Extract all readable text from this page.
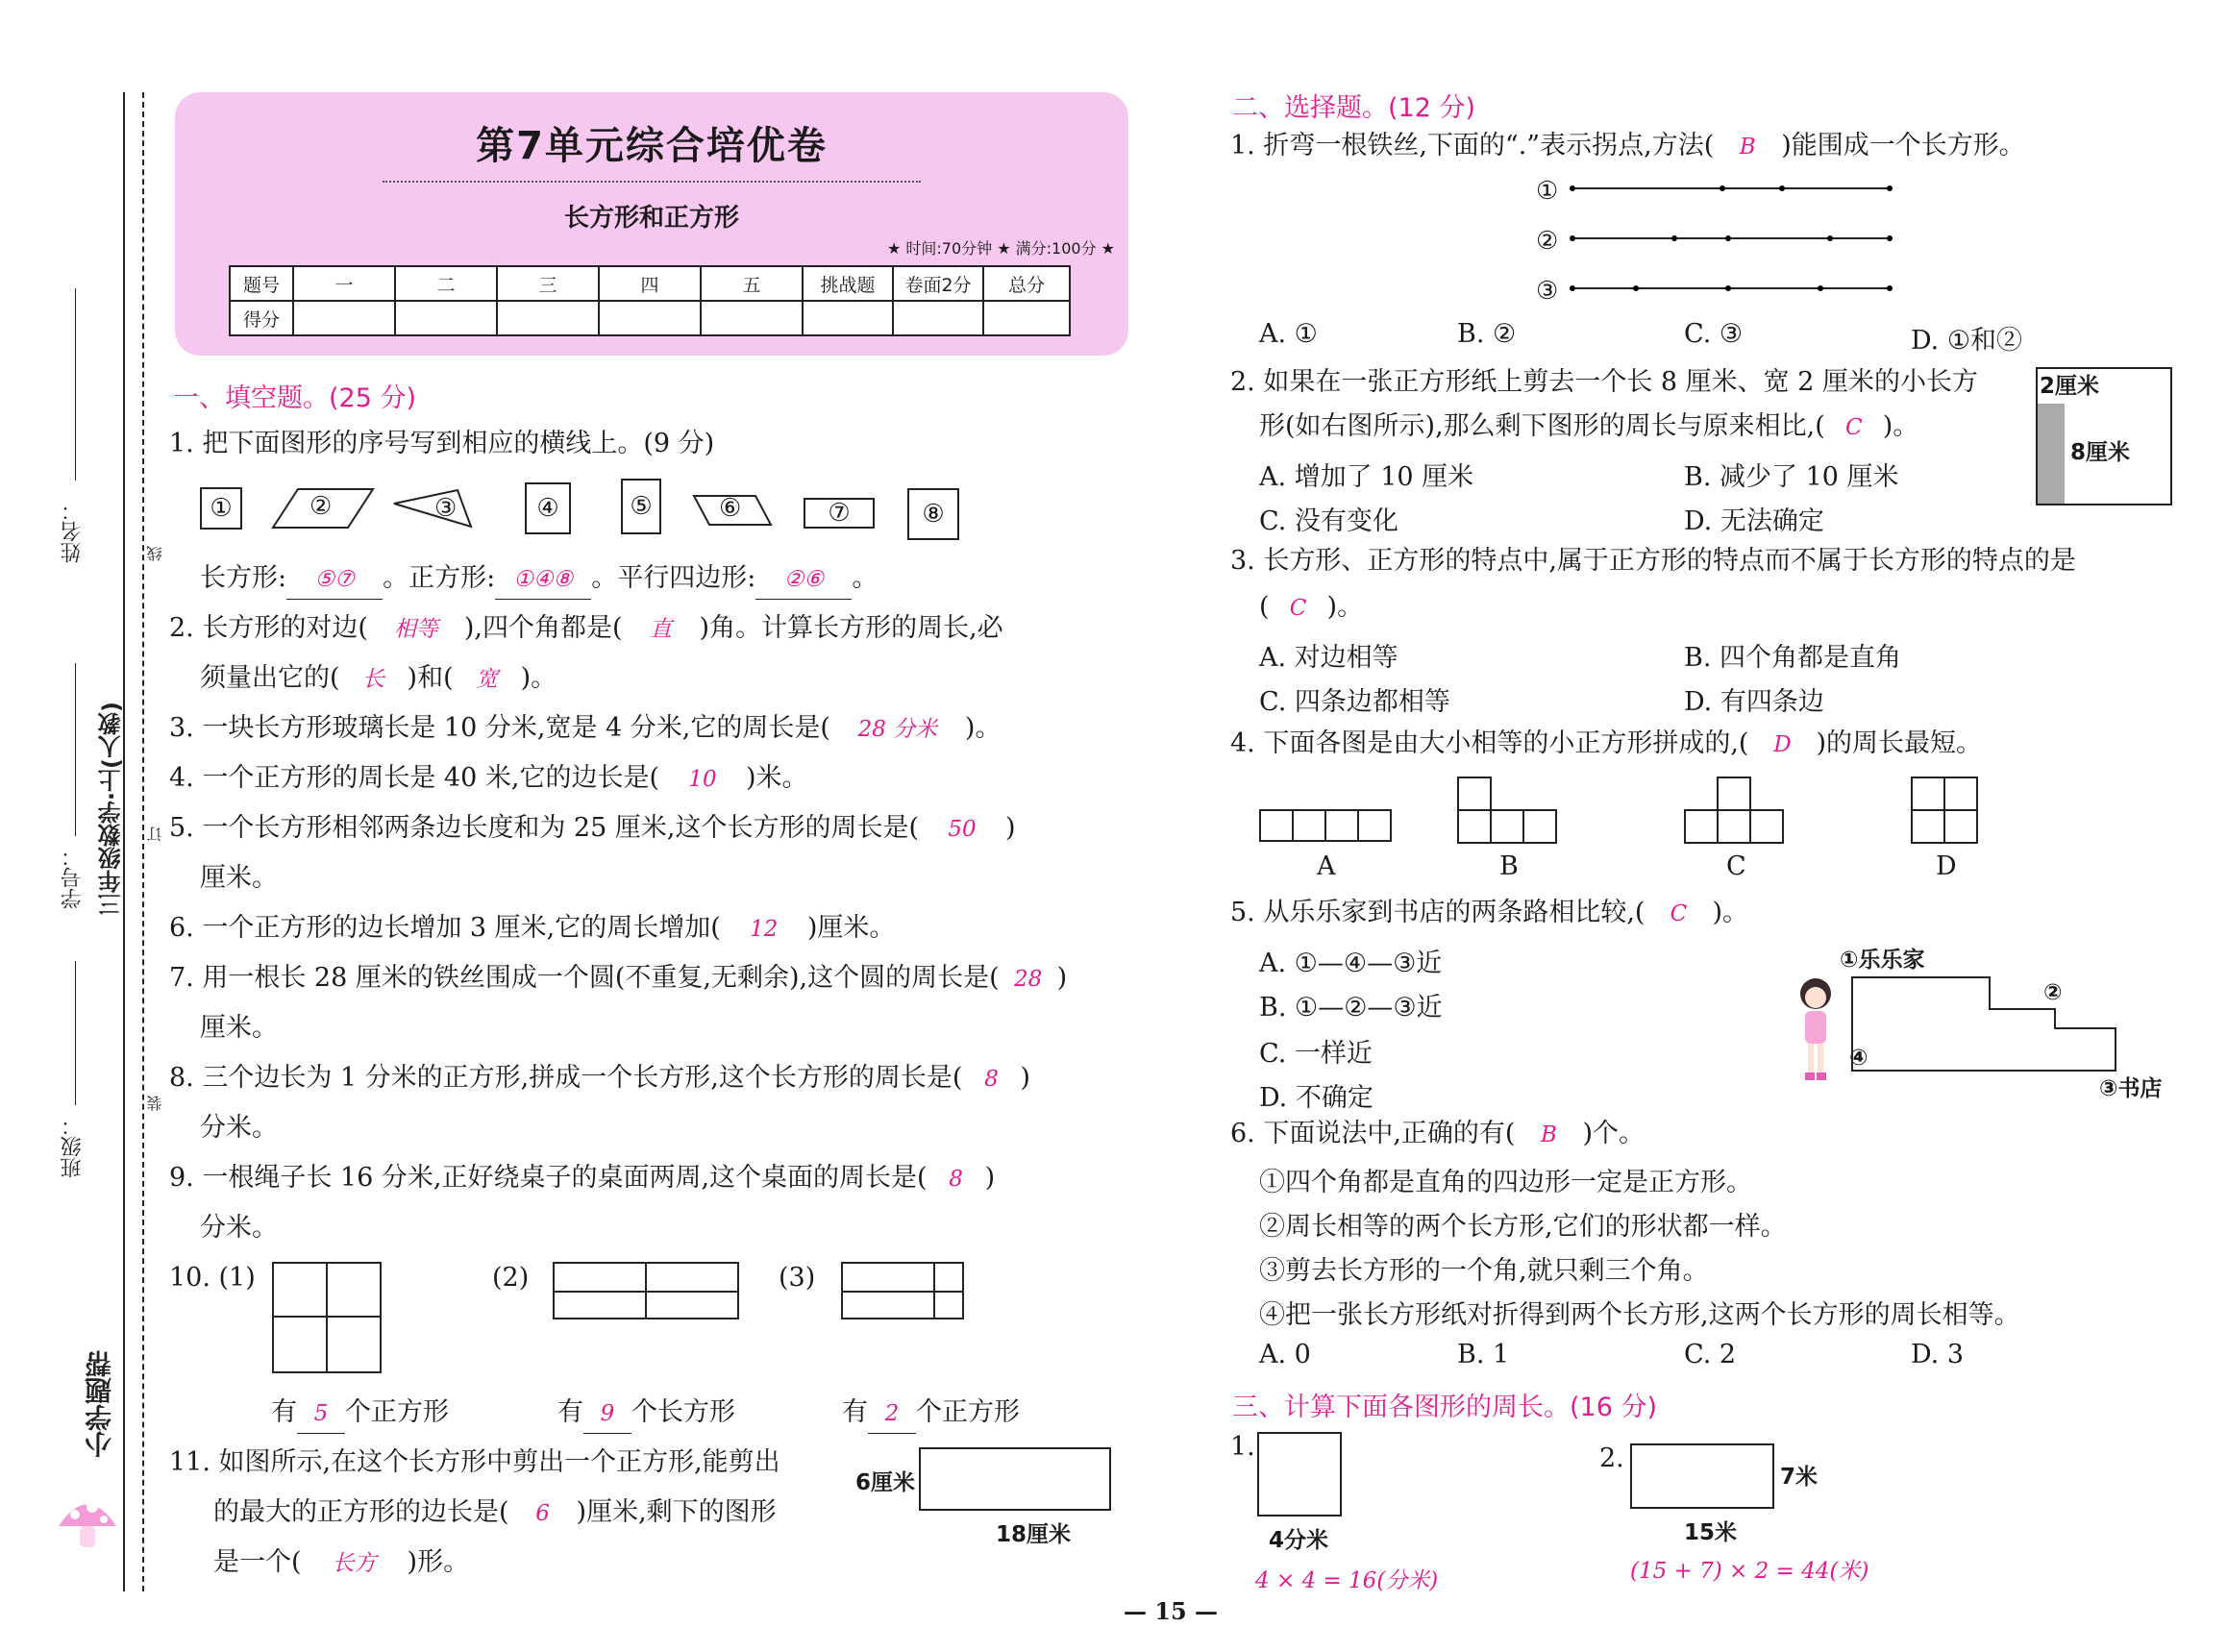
姓名：
学号： 三年级数学·上(人教)
班级：
线
订
装
小学题帮
第7单元综合培优卷
长方形和正方形
★ 时间:70分钟 ★ 满分:100分 ★
题号	一	二	三	四	五	挑战题	卷面2分	总分
得分								
一、填空题。(25 分)
1. 把下面图形的序号写到相应的横线上。(9 分)
①	②	③	④	⑤	⑥	⑦	⑧
长方形: ⑤⑦ 。正方形: ①④⑧ 。平行四边形: ②⑥ 。
2. 长方形的对边( 相等 ),四个角都是( 直 )角。计算长方形的周长,必
须量出它的( 长 )和( 宽 )。
3. 一块长方形玻璃长是 10 分米,宽是 4 分米,它的周长是( 28 分米 )。
4. 一个正方形的周长是 40 米,它的边长是( 10 )米。
5. 一个长方形相邻两条边长度和为 25 厘米,这个长方形的周长是( 50 )
厘米。
6. 一个正方形的边长增加 3 厘米,它的周长增加( 12 )厘米。
7. 用一根长 28 厘米的铁丝围成一个圆(不重复,无剩余),这个圆的周长是( 28 )
厘米。
8. 三个边长为 1 分米的正方形,拼成一个长方形,这个长方形的周长是( 8 )
分米。
9. 一根绳子长 16 分米,正好绕桌子的桌面两周,这个桌面的周长是( 8 )
分米。
10. (1)	(2)	(3)
有 5 个正方形	有 9 个长方形	有 2 个正方形
11. 如图所示,在这个长方形中剪出一个正方形,能剪出
的最大的正方形的边长是( 6 )厘米,剩下的图形
是一个( 长方 )形。
6厘米
18厘米
二、选择题。(12 分)
1. 折弯一根铁丝,下面的“.”表示拐点,方法( B )能围成一个长方形。
①
②
③
A. ①	B. ②	C. ③	D. ①和②
2. 如果在一张正方形纸上剪去一个长 8 厘米、宽 2 厘米的小长方
形(如右图所示),那么剩下图形的周长与原来相比,( C )。
2厘米
8厘米
A. 增加了 10 厘米	B. 减少了 10 厘米
C. 没有变化	D. 无法确定
3. 长方形、正方形的特点中,属于正方形的特点而不属于长方形的特点的是
( C )。
A. 对边相等	B. 四个角都是直角
C. 四条边都相等	D. 有四条边
4. 下面各图是由大小相等的小正方形拼成的,( D )的周长最短。
A	B	C	D
5. 从乐乐家到书店的两条路相比较,( C )。
A. ①—④—③近
B. ①—②—③近
C. 一样近
D. 不确定
①乐乐家
②
③书店
④
6. 下面说法中,正确的有( B )个。
①四个角都是直角的四边形一定是正方形。
②周长相等的两个长方形,它们的形状都一样。
③剪去长方形的一个角,就只剩三个角。
④把一张长方形纸对折得到两个长方形,这两个长方形的周长相等。
A. 0	B. 1	C. 2	D. 3
三、计算下面各图形的周长。(16 分)
1.
4分米
4 × 4 = 16(分米)
2.
7米
15米
(15 + 7) × 2 = 44(米)
— 15 —
